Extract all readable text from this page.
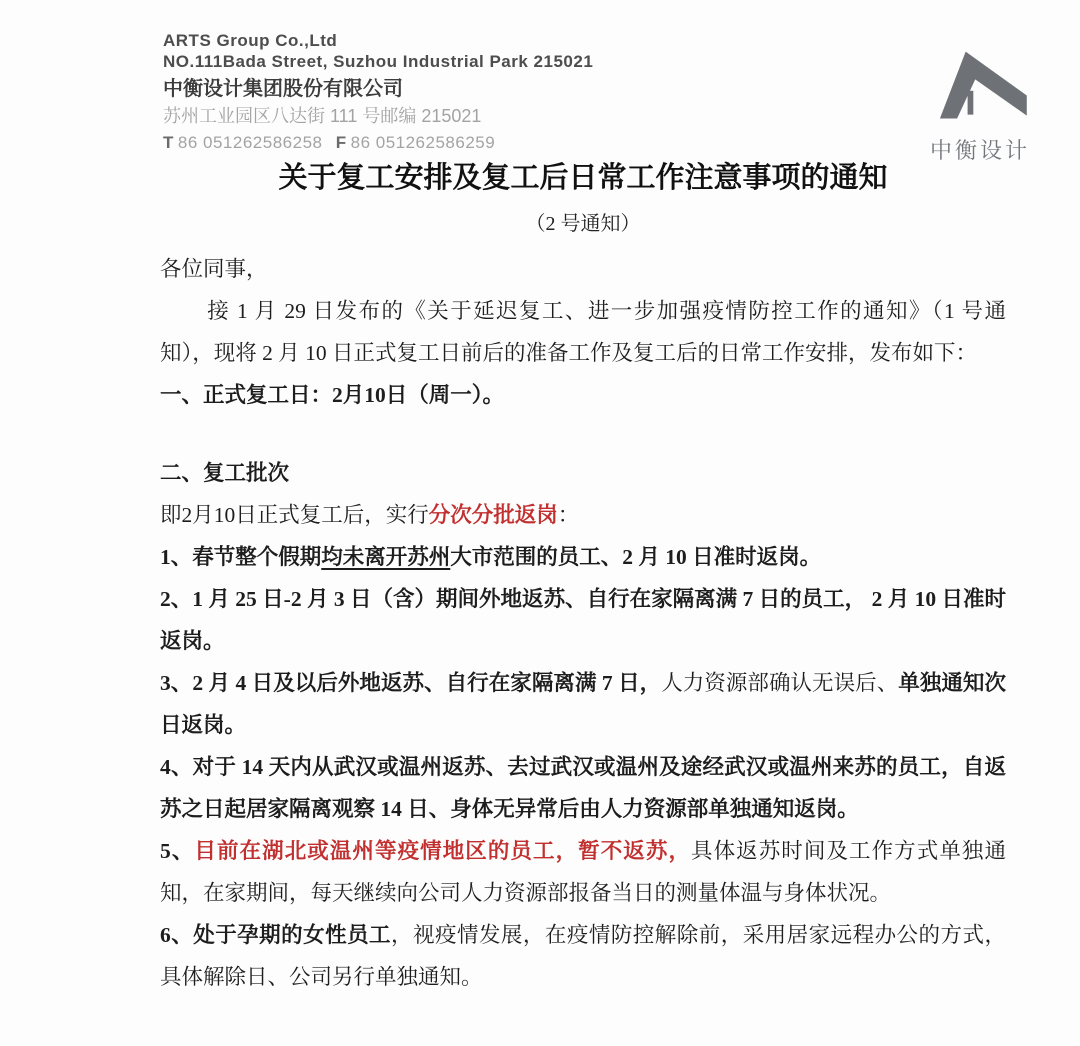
ARTS Group Co.,Ltd
NO.111Bada Street, Suzhou Industrial Park 215021
中衡设计集团股份有限公司
苏州工业园区八达街 111 号邮编 215021
T 86 051262586258 F 86 051262586259	中衡设计
关于复工安排及复工后日常工作注意事项的通知
（2 号通知）

各位同事，

接 1 月 29 日发布的《关于延迟复工、进一步加强疫情防控工作的通知》（1 号通知），现将 2 月 10 日正式复工日前后的准备工作及复工后的日常工作安排，发布如下：

一、正式复工日：2月10日（周一）。

二、复工批次

即2月10日正式复工后，实行分次分批返岗：

1、春节整个假期均未离开苏州大市范围的员工、2 月 10 日准时返岗。

2、1 月 25 日-2 月 3 日（含）期间外地返苏、自行在家隔离满 7 日的员工， 2 月 10 日准时返岗。

3、2 月 4 日及以后外地返苏、自行在家隔离满 7 日，人力资源部确认无误后、单独通知次日返岗。

4、对于 14 天内从武汉或温州返苏、去过武汉或温州及途经武汉或温州来苏的员工，自返苏之日起居家隔离观察 14 日、身体无异常后由人力资源部单独通知返岗。

5、目前在湖北或温州等疫情地区的员工，暂不返苏，具体返苏时间及工作方式单独通知，在家期间，每天继续向公司人力资源部报备当日的测量体温与身体状况。

6、处于孕期的女性员工，视疫情发展，在疫情防控解除前，采用居家远程办公的方式，具体解除日、公司另行单独通知。
